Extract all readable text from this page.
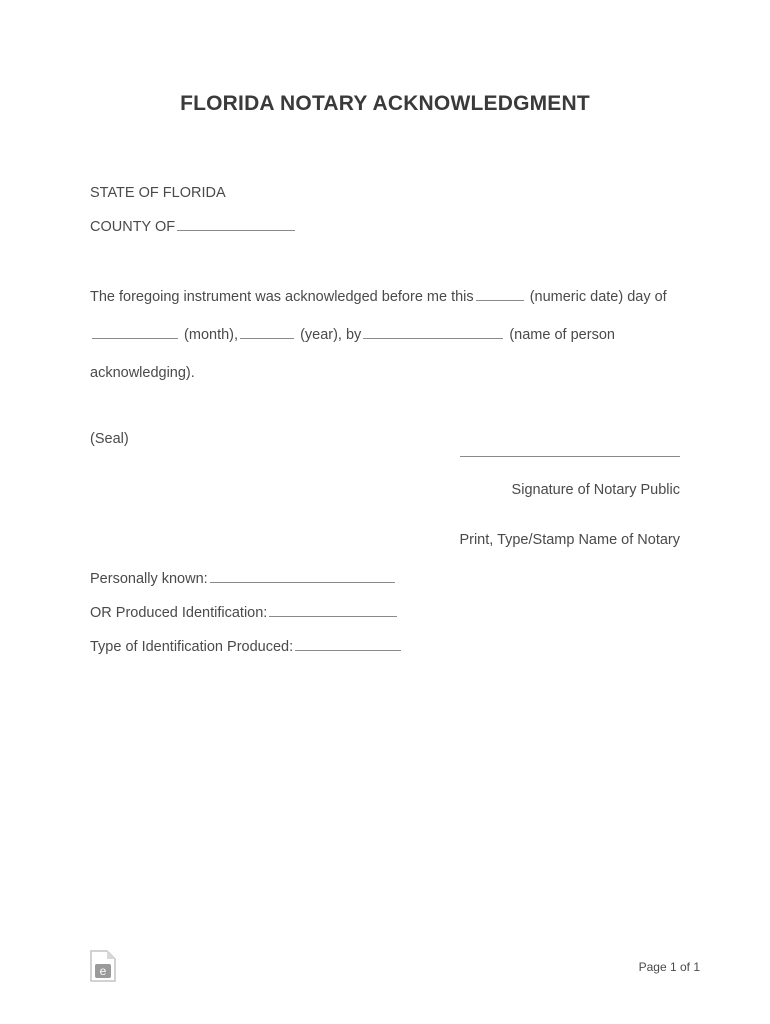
FLORIDA NOTARY ACKNOWLEDGMENT
STATE OF FLORIDA
COUNTY OF
The foregoing instrument was acknowledged before me this	(numeric date) day of (month),	(year), by	(name of person acknowledging).
(Seal)
Signature of Notary Public
Print, Type/Stamp Name of Notary
Personally known:
OR Produced Identification:
Type of Identification Produced:
e	Page 1 of 1
